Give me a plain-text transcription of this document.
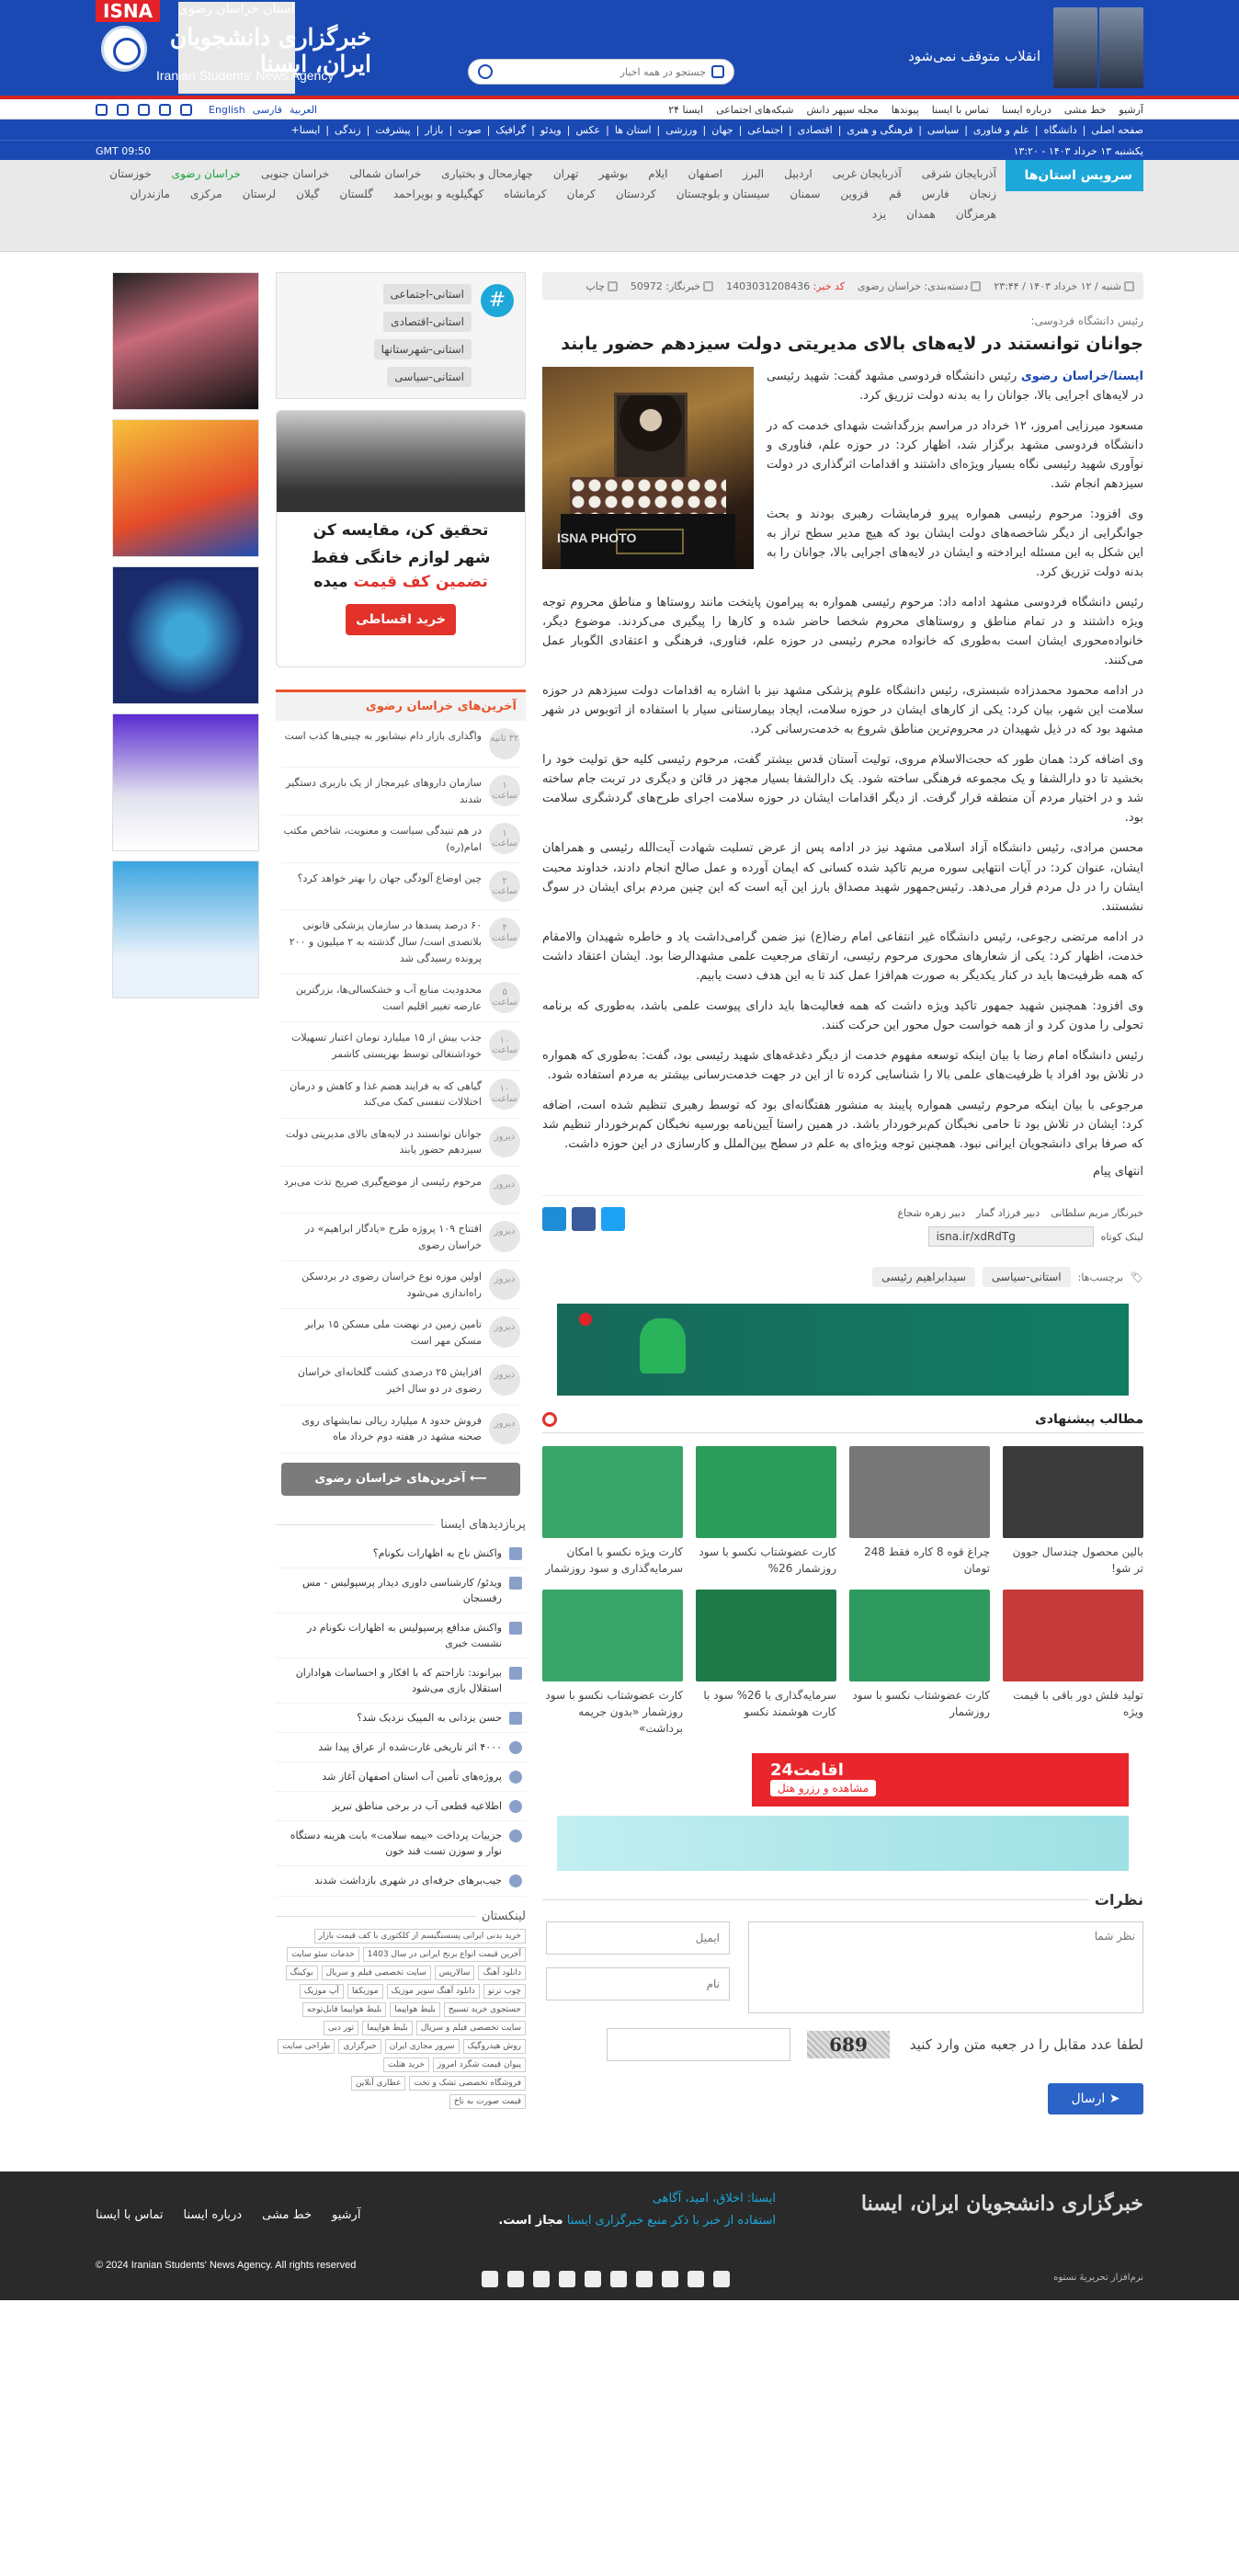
ISNA	استان خراسان رضوی
خبرگزاری دانشجویان ایران، ایسنا
Iranian Students' News Agency
جستجو در همه اخبار
انقلاب متوقف نمی‌شود
آرشیو
خط مشی
درباره ایسنا
تماس با ایسنا
پیوندها
مجله سپهر دانش
شبکه‌های اجتماعی
ایسنا ۲۴
English	العربیةفارسی
صفحه اصلی
|
دانشگاه
|
علم و فناوری
|
سیاسی
|
فرهنگی و هنری
|
اقتصادی
|
اجتماعی
|
جهان
|
ورزشی
|
استان ها
|
عکس
|
ویدئو
|
گرافیک
|
صوت
|
بازار
|
پیشرفت
|
زندگی
|
ایسنا+
یکشنبه ۱۳ خرداد ۱۴۰۳ - ۱۳:۲۰
GMT 09:50
سرویس استان‌ها
آذربایجان شرقی
آذربایجان غربی
اردبیل
البرز
اصفهان
ایلام
بوشهر
تهران
چهارمحال و بختیاری
خراسان شمالی
خراسان جنوبی
خراسان رضوی
خوزستان
زنجان
فارس
قم
قزوین
سمنان
سیستان و بلوچستان
کردستان
کرمان
کرمانشاه
کهگیلویه و بویراحمد
گلستان
گیلان
لرستان
مرکزی
مازندران
هرمزگان
همدان
یزد
شنبه / ۱۲ خرداد ۱۴۰۳ / ۲۳:۴۴
دسته‌بندی: خراسان رضوی
کد خبر: 1403031208436
خبرنگار: 50972
چاپ
رئیس دانشگاه فردوسی:
جوانان توانستند در لایه‌های بالای مدیریتی دولت سیزدهم حضور یابند
ISNA PHOTO

ایسنا/خراسان رضوی رئیس دانشگاه فردوسی مشهد گفت: شهید رئیسی در لایه‌های اجرایی بالا، جوانان را به بدنه دولت تزریق کرد.

مسعود میرزایی امروز، ۱۲ خرداد در مراسم بزرگداشت شهدای خدمت که در دانشگاه فردوسی مشهد برگزار شد، اظهار کرد: در حوزه علم، فناوری و نوآوری شهید رئیسی نگاه بسیار ویژه‌ای داشتند و اقدامات اثرگذاری در دولت سیزدهم انجام شد.

وی افزود: مرحوم رئیسی همواره پیرو فرمایشات رهبری بودند و بحث جوانگرایی از دیگر شاخصه‌های دولت ایشان بود که هیچ مدیر سطح تراز به این شکل به این مسئله ایرادخته و ایشان در لایه‌های اجرایی بالا، جوانان را به بدنه دولت تزریق کرد.

رئیس دانشگاه فردوسی مشهد ادامه داد: مرحوم رئیسی همواره به پیرامون پایتخت مانند روستاها و مناطق محروم توجه ویژه داشتند و در تمام مناطق و روستاهای محروم شخصا حاضر شده و کارها را پیگیری می‌کردند. موضوع دیگر، خانواده‌محوری ایشان است به‌طوری که خانواده محرم رئیسی در حوزه علم، فناوری، فرهنگی و اعتقادی الگوبار عمل می‌کنند.

در ادامه محمود محمدزاده شبستری، رئیس دانشگاه علوم پزشکی مشهد نیز با اشاره به اقدامات دولت سیزدهم در حوزه سلامت این شهر، بیان کرد: یکی از کارهای ایشان در حوزه سلامت، ایجاد بیمارستانی سیار با استفاده از اتوبوس در شهر مشهد بود که در ذیل شهیدان در محروم‌ترین مناطق شروع به خدمت‌رسانی کرد.

وی اضافه کرد: همان طور که حجت‌الاسلام مروی، تولیت آستان قدس بیشتر گفت، مرحوم رئیسی کلیه حق تولیت خود را بخشید تا دو دارالشفا و یک مجموعه فرهنگی ساخته شود. یک دارالشفا بسیار مجهز در قائن و دیگری در تربت جام ساخته شد و در اختیار مردم آن منطقه قرار گرفت. از دیگر اقدامات ایشان در حوزه سلامت اجرای طرح‌های گردشگری سلامت بود.

محسن مرادی، رئیس دانشگاه آزاد اسلامی مشهد نیز در ادامه پس از عرض تسلیت شهادت آیت‌الله رئیسی و همراهان ایشان، عنوان کرد: در آیات انتهایی سوره مریم تاکید شده کسانی که ایمان آورده و عمل صالح انجام دادند، خداوند محبت ایشان را در دل مردم قرار می‌دهد. رئیس‌جمهور شهید مصداق بارز این آیه است که این چنین مردم برای ایشان در سوگ نشستند.

در ادامه مرتضی رجوعی، رئیس دانشگاه غیر انتفاعی امام رضا(ع) نیز ضمن گرامی‌داشت یاد و خاطره شهیدان والامقام خدمت، اظهار کرد: یکی از شعارهای محوری مرحوم رئیسی، ارتقای مرجعیت علمی مشهدالرضا بود. ایشان اعتقاد داشت که همه ظرفیت‌ها باید در کنار یکدیگر به صورت هم‌افزا عمل کند تا به این هدف دست یابیم.

وی افزود: همچنین شهید جمهور تاکید ویژه داشت که همه فعالیت‌ها باید دارای پیوست علمی باشد، به‌طوری که برنامه تحولی را مدون کرد و از همه خواست حول محور این حرکت کنند.

رئیس دانشگاه امام رضا با بیان اینکه توسعه مفهوم خدمت از دیگر دغدغه‌های شهید رئیسی بود، گفت: به‌طوری که همواره در تلاش بود افراد با ظرفیت‌های علمی بالا را شناسایی کرده تا از این در جهت خدمت‌رسانی بیشتر به مردم استفاده شود.

مرجوعی با بیان اینکه مرحوم رئیسی همواره پایبند به منشور هفتگانه‌ای بود که توسط رهبری تنظیم شده است، اضافه کرد: ایشان در تلاش بود تا حامی نخبگان کم‌برخوردار باشد. در همین راستا آیین‌نامه بورسیه نخبگان کم‌برخوردار تنظیم شد که صرفا برای دانشجویان ایرانی نبود. همچنین توجه ویژه‌ای به علم در سطح بین‌الملل و کارسازی در این حوزه داشت.

انتهای پیام
خبرنگار مریم سلطانی
دبیر فرزاد گمار
دبیر زهره شجاع
لینک کوتاه
isna.ir/xdRdTg
🏷
برچسب‌ها:
استانی-سیاسی
سیدابراهیم رئیسی
مطالب پیشنهادی
بالین محصول چندسال جوون تر شو!
چراغ قوه 8 کاره فقط 248 تومان
کارت عضوشتاب نکسو با سود روزشمار 26%
کارت ویژه نکسو با امکان سرمایه‌گذاری و سود روزشمار
تولید فلش دور باقی با قیمت ویژه
کارت عضوشتاب نکسو با سود روزشمار
سرمایه‌گذاری با 26% سود با کارت هوشمند نکسو
کارت عضوشتاب نکسو با سود روزشمار «بدون جریمه برداشت»
اقامت24
مشاهده و رزرو هتل
نظرات
نظر شما
ایمیل
نام
لطفا عدد مقابل را در جعبه متن وارد کنید
689
➤ ارسال
#
استانی-اجتماعی
استانی-اقتصادی
استانی-شهرستانها
استانی-سیاسی
تحقیق کن، مقایسه کن
شهر لوازم خانگی فقط
تضمین کف قیمت میده
خرید اقساطی
آخرین‌های خراسان رضوی
۳۲ ثانیه
واگذاری بازار دام نیشابور به چینی‌ها کذب است
۱ ساعت
سازمان دارو‌های غیرمجاز از یک باربری دستگیر شدند
۱ ساعت
در هم تنیدگی سیاست و معنویت، شاخص مکتب امام(ره)
۲ ساعت
چین اوضاع آلودگی جهان را بهتر خواهد کرد؟
۴ ساعت
۶۰ درصد پسدها در سازمان پزشکی قانونی بلاتصدی است/ سال گذشته به ۲ میلیون و ۲۰۰ پرونده رسیدگی شد
۵ ساعت
محدودیت منابع آب و خشکسالی‌ها، بزرگترین عارضه تغییر اقلیم است
۱۰ ساعت
جذب بیش از ۱۵ میلیارد تومان اعتبار تسهیلات خوداشتغالی توسط بهزیستی کاشمر
۱۰ ساعت
گیاهی که به فرایند هضم غذا و کاهش و درمان اختلالات تنفسی کمک می‌کند
دیروز
جوانان توانستند در لایه‌های بالای مدیریتی دولت سیزدهم حضور یابند
دیروز
مرحوم رئیسی از موضع‌گیری صریح تذت می‌برد
دیروز
افتتاح ۱۰۹ پروژه طرح «یادگار ابراهیم» در خراسان رضوی
دیروز
اولین موزه نوع خراسان رضوی در بردسکن راه‌اندازی می‌شود
دیروز
تامین زمین در نهضت ملی مسکن ۱۵ برابر مسکن مهر است
دیروز
افزایش ۲۵ درصدی کشت گلخانه‌ای خراسان رضوی در دو سال اخیر
دیروز
فروش حدود ۸ میلیارد ریالی نمایشهای روی صحنه مشهد در هفته دوم خرداد ماه
⟵ آخرین‌های خراسان رضوی
پربازدیدهای ایسنا
واکنش ناج به اظهارات نکونام؟
ویدئو/ کارشناسی داوری دیدار پرسپولیس - مس رفسنجان
واکنش مدافع پرسپولیس به اظهارات نکونام در نشست خبری
بیرانوند: ناراحتم که با افکار و احساسات هواداران استقلال بازی می‌شود
حسن یزدانی به المپیک نزدیک شد؟
۴۰۰۰ اثر تاریخی غارت‌شده از عراق پیدا شد
پروژه‌های تأمین آب استان اصفهان آغاز شد
اطلاعیه قطعی آب در برخی مناطق تبریز
جزییات پرداخت «بیمه سلامت» بابت هزینه دستگاه نوار و سوزن تست قند خون
جیب‌برهای حرفه‌ای در شهری بازداشت شدند
لینکستان
خرید بدنی ایرانی پسسنگیسم از کلکتوری با کف قیمت بازار
آخرین قیمت انواع برنج ایرانی در سال 1403
خدمات سئو سایت
دانلود آهنگ
سالارپس
سایت تخصصی فیلم و سریال
بوکینگ
چوب ترنو
دانلود آهنگ سوپر موزیک
موزیکفا
آپ موزیک
جستجوی خرید تسبیح
بلیط هواپیما
بلیط هواپیما قابل‌توجه
سایت تخصصی فیلم و سریال
بلیط هواپیما
تور دبی
روش هیدروگیک
سرور مجازی ایران
خبرگزاری
طراحی سایت
پیوان قیمت شگرد امروز
خرید هتلت
فروشگاه تخصصی تشک و تخت
عطاری آنلاین
قیمت صورت به ناخ
خبرگزاری دانشجویان ایران، ایسنا
ایسنا: اخلاق، امید، آگاهی
استفاده از خبر با ذکر منبع خبرگزاری ایسنا مجاز است.
آرشیو
خط مشی
درباره ایسنا
تماس با ایسنا
© 2024 Iranian Students' News Agency. All rights reserved
نرم‌افزار تحریریهٔ نستوه
